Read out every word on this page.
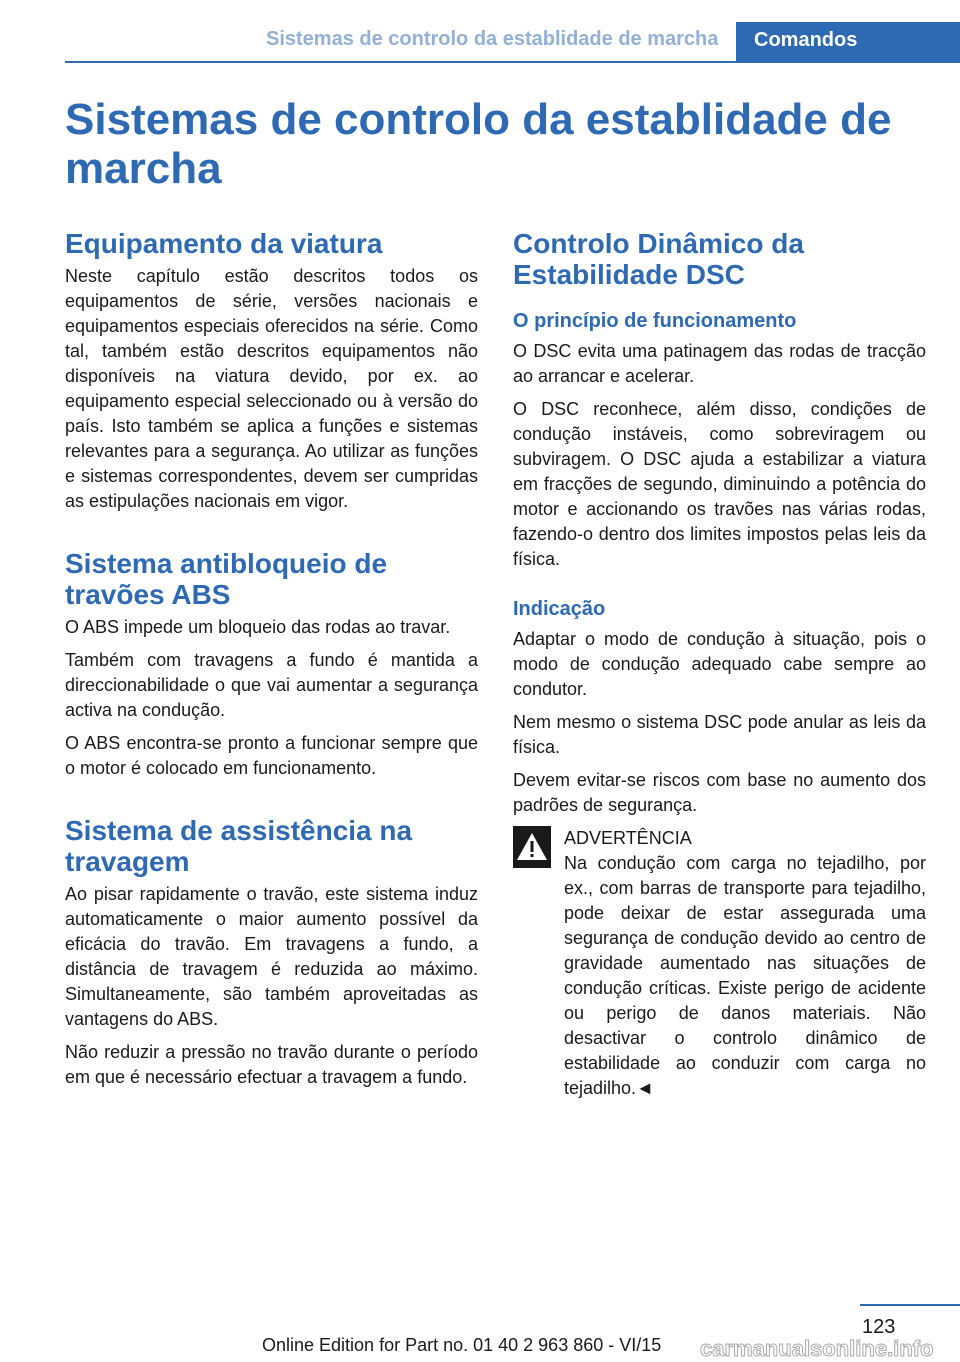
Sistemas de controlo da establidade de marcha Comandos
Sistemas de controlo da establidade de marcha
Equipamento da viatura

Neste capítulo estão descritos todos os equipamentos de série, versões nacionais e equipamentos especiais oferecidos na série. Como tal, também estão descritos equipamentos não disponíveis na viatura devido, por ex. ao equipamento especial seleccionado ou à versão do país. Isto também se aplica a funções e sistemas relevantes para a segurança. Ao utilizar as funções e sistemas correspondentes, devem ser cumpridas as estipulações nacionais em vigor.

Sistema antibloqueio de travões ABS

O ABS impede um bloqueio das rodas ao travar.

Também com travagens a fundo é mantida a direccionabilidade o que vai aumentar a segurança activa na condução.

O ABS encontra-se pronto a funcionar sempre que o motor é colocado em funcionamento.

Sistema de assistência na travagem

Ao pisar rapidamente o travão, este sistema induz automaticamente o maior aumento possível da eficácia do travão. Em travagens a fundo, a distância de travagem é reduzida ao máximo. Simultaneamente, são também aproveitadas as vantagens do ABS.

Não reduzir a pressão no travão durante o período em que é necessário efectuar a travagem a fundo.

Controlo Dinâmico da Estabilidade DSC
O princípio de funcionamento

O DSC evita uma patinagem das rodas de tracção ao arrancar e acelerar.

O DSC reconhece, além disso, condições de condução instáveis, como sobreviragem ou subviragem. O DSC ajuda a estabilizar a viatura em fracções de segundo, diminuindo a potência do motor e accionando os travões nas várias rodas, fazendo-o dentro dos limites impostos pelas leis da física.

Indicação

Adaptar o modo de condução à situação, pois o modo de condução adequado cabe sempre ao condutor.

Nem mesmo o sistema DSC pode anular as leis da física.

Devem evitar-se riscos com base no aumento dos padrões de segurança.

ADVERTÊNCIA

Na condução com carga no tejadilho, por ex., com barras de transporte para tejadilho, pode deixar de estar assegurada uma segurança de condução devido ao centro de gravidade aumentado nas situações de condução críticas. Existe perigo de acidente ou perigo de danos materiais. Não desactivar o controlo dinâmico de estabilidade ao conduzir com carga no tejadilho.◄

123
Online Edition for Part no. 01 40 2 963 860 - VI/15 carmanualsonline.info
